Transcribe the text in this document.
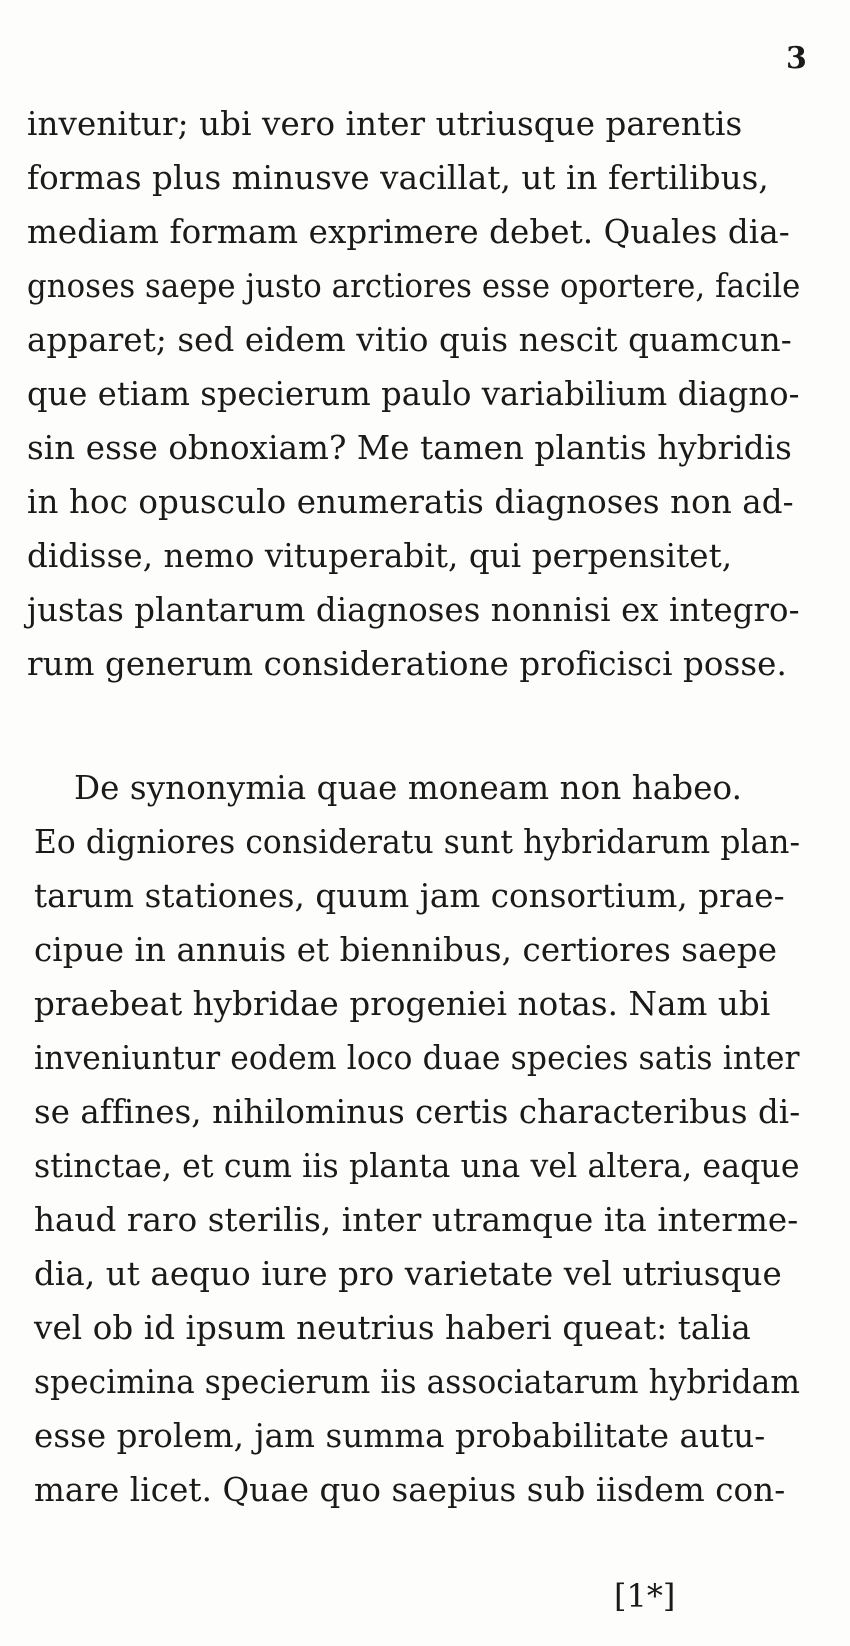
3
invenitur; ubi vero inter utriusque parentis
formas plus minusve vacillat, ut in fertilibus,
mediam formam exprimere debet. Quales dia-
gnoses saepe justo arctiores esse oportere, facile
apparet; sed eidem vitio quis nescit quamcun-
que etiam specierum paulo variabilium diagno-
sin esse obnoxiam? Me tamen plantis hybridis
in hoc opusculo enumeratis diagnoses non ad-
didisse, nemo vituperabit, qui perpensitet,
justas plantarum diagnoses nonnisi ex integro-
rum generum consideratione proficisci posse.
De synonymia quae moneam non habeo.
Eo digniores consideratu sunt hybridarum plan-
tarum stationes, quum jam consortium, prae-
cipue in annuis et biennibus, certiores saepe
praebeat hybridae progeniei notas. Nam ubi
inveniuntur eodem loco duae species satis inter
se affines, nihilominus certis characteribus di-
stinctae, et cum iis planta una vel altera, eaque
haud raro sterilis, inter utramque ita interme-
dia, ut aequo iure pro varietate vel utriusque
vel ob id ipsum neutrius haberi queat: talia
specimina specierum iis associatarum hybridam
esse prolem, jam summa probabilitate autu-
mare licet. Quae quo saepius sub iisdem con-
[1*]
